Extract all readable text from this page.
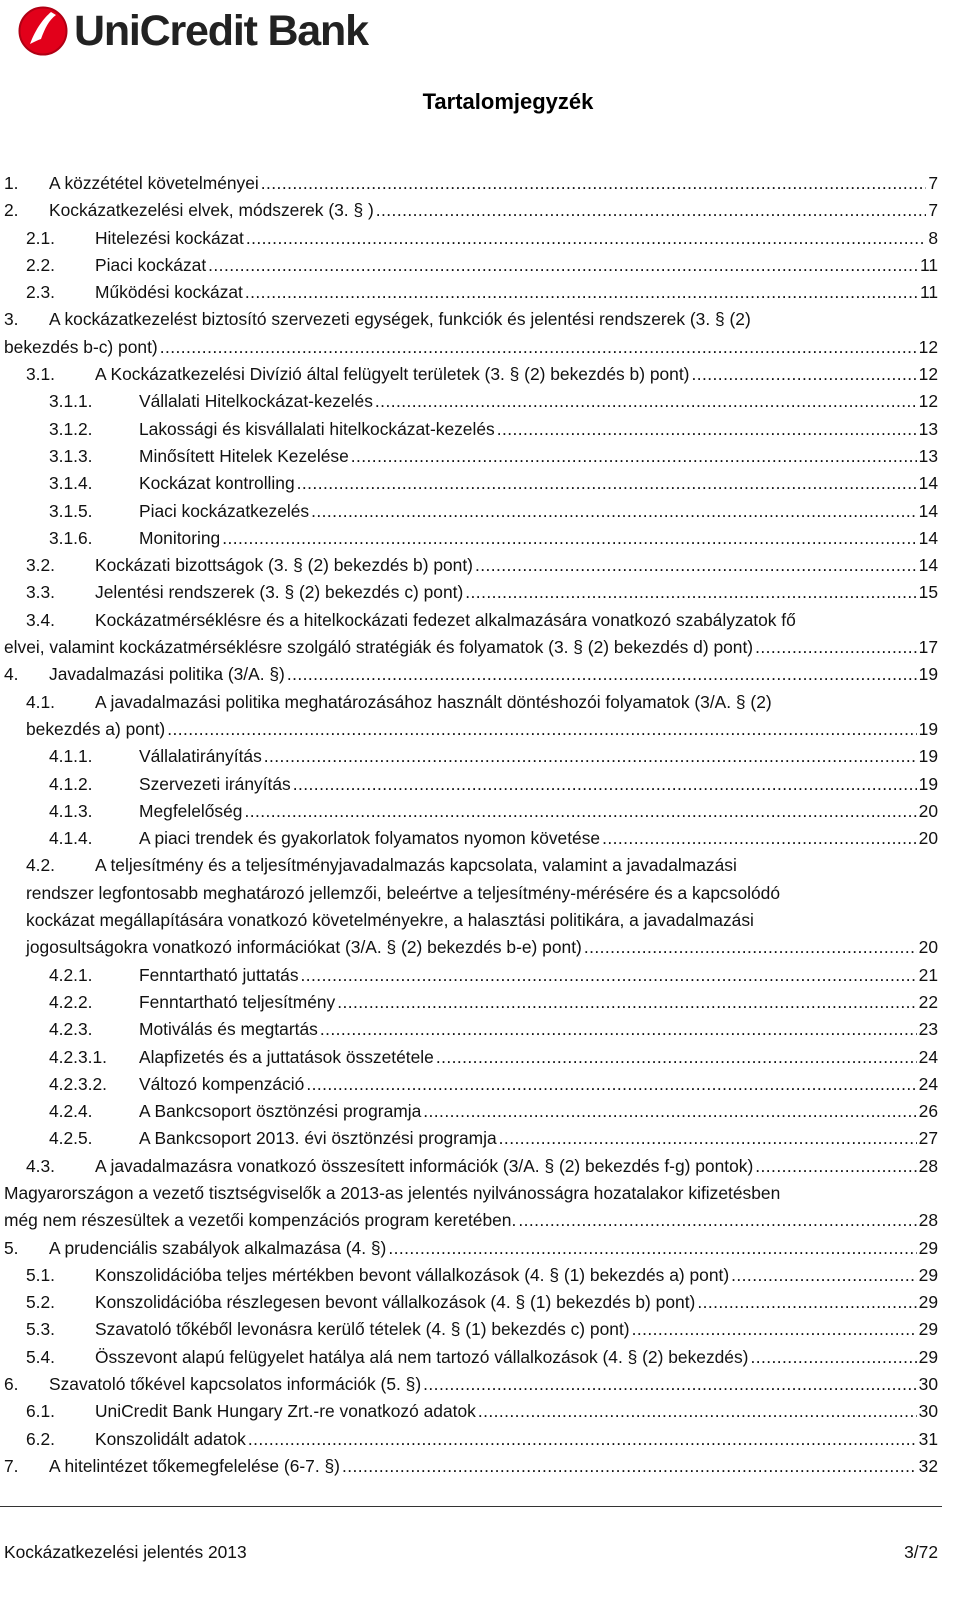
UniCredit Bank
Tartalomjegyzék
1.	A közzététel követelményei . . .	7
2.	Kockázatkezelési elvek, módszerek (3. § ) . . .	7
2.1.	Hitelezési kockázat . . .	8
2.2.	Piaci kockázat . . .	11
2.3.	Működési kockázat . . .	11
3. A kockázatkezelést biztosító szervezeti egységek, funkciók és jelentési rendszerek (3. § (2)
bekezdés b-c) pont) . . .	12
3.1.	A Kockázatkezelési Divízió által felügyelt területek (3. § (2) bekezdés b) pont) . . .	12
3.1.1.	Vállalati Hitelkockázat-kezelés . . .	12
3.1.2.	Lakossági és kisvállalati hitelkockázat-kezelés . . .	13
3.1.3.	Minősített Hitelek Kezelése . . .	13
3.1.4.	Kockázat kontrolling . . .	14
3.1.5.	Piaci kockázatkezelés . . .	14
3.1.6.	Monitoring . . .	14
3.2.	Kockázati bizottságok (3. § (2) bekezdés b) pont) . . .	14
3.3.	Jelentési rendszerek (3. § (2) bekezdés c) pont) . . .	15
3.4. Kockázatmérséklésre és a hitelkockázati fedezet alkalmazására vonatkozó szabályzatok fő
elvei, valamint kockázatmérséklésre szolgáló stratégiák és folyamatok (3. § (2) bekezdés d) pont) . . .	17
4.	Javadalmazási politika (3/A. §) . . .	19
4.1. A javadalmazási politika meghatározásához használt döntéshozói folyamatok (3/A. § (2)
bekezdés a) pont) . . .	19
4.1.1.	Vállalatirányítás . . .	19
4.1.2.	Szervezeti irányítás . . .	19
4.1.3.	Megfelelőség . . .	20
4.1.4.	A piaci trendek és gyakorlatok folyamatos nyomon követése . . .	20
4.2. A teljesítmény és a teljesítményjavadalmazás kapcsolata, valamint a javadalmazási
rendszer legfontosabb meghatározó jellemzői, beleértve a teljesítmény-mérésére és a kapcsolódó
kockázat megállapítására vonatkozó követelményekre, a halasztási politikára, a javadalmazási
jogosultságokra vonatkozó információkat (3/A. § (2) bekezdés b-e) pont) . . .	20
4.2.1.	Fenntartható juttatás . . .	21
4.2.2.	Fenntartható teljesítmény . . .	22
4.2.3.	Motiválás és megtartás . . .	23
4.2.3.1.	Alapfizetés és a juttatások összetétele . . .	24
4.2.3.2.	Változó kompenzáció . . .	24
4.2.4.	A Bankcsoport ösztönzési programja . . .	26
4.2.5.	A Bankcsoport 2013. évi ösztönzési programja . . .	27
4.3.	A javadalmazásra vonatkozó összesített információk (3/A. § (2) bekezdés f-g) pontok) . . .	28
Magyarországon a vezető tisztségviselők a 2013-as jelentés nyilvánosságra hozatalakor kifizetésben
még nem részesültek a vezetői kompenzációs program keretében. . . .	28
5.	A prudenciális szabályok alkalmazása (4. §) . . .	29
5.1.	Konszolidációba teljes mértékben bevont vállalkozások (4. § (1) bekezdés a) pont) . . .	29
5.2.	Konszolidációba részlegesen bevont vállalkozások (4. § (1) bekezdés b) pont) . . .	29
5.3.	Szavatoló tőkéből levonásra kerülő tételek (4. § (1) bekezdés c) pont) . . .	29
5.4.	Összevont alapú felügyelet hatálya alá nem tartozó vállalkozások (4. § (2) bekezdés) . . .	29
6.	Szavatoló tőkével kapcsolatos információk (5. §) . . .	30
6.1.	UniCredit Bank Hungary Zrt.-re vonatkozó adatok . . .	30
6.2.	Konszolidált adatok . . .	31
7.	A hitelintézet tőkemegfelelése (6-7. §) . . .	32
Kockázatkezelési jelentés 2013	3/72
